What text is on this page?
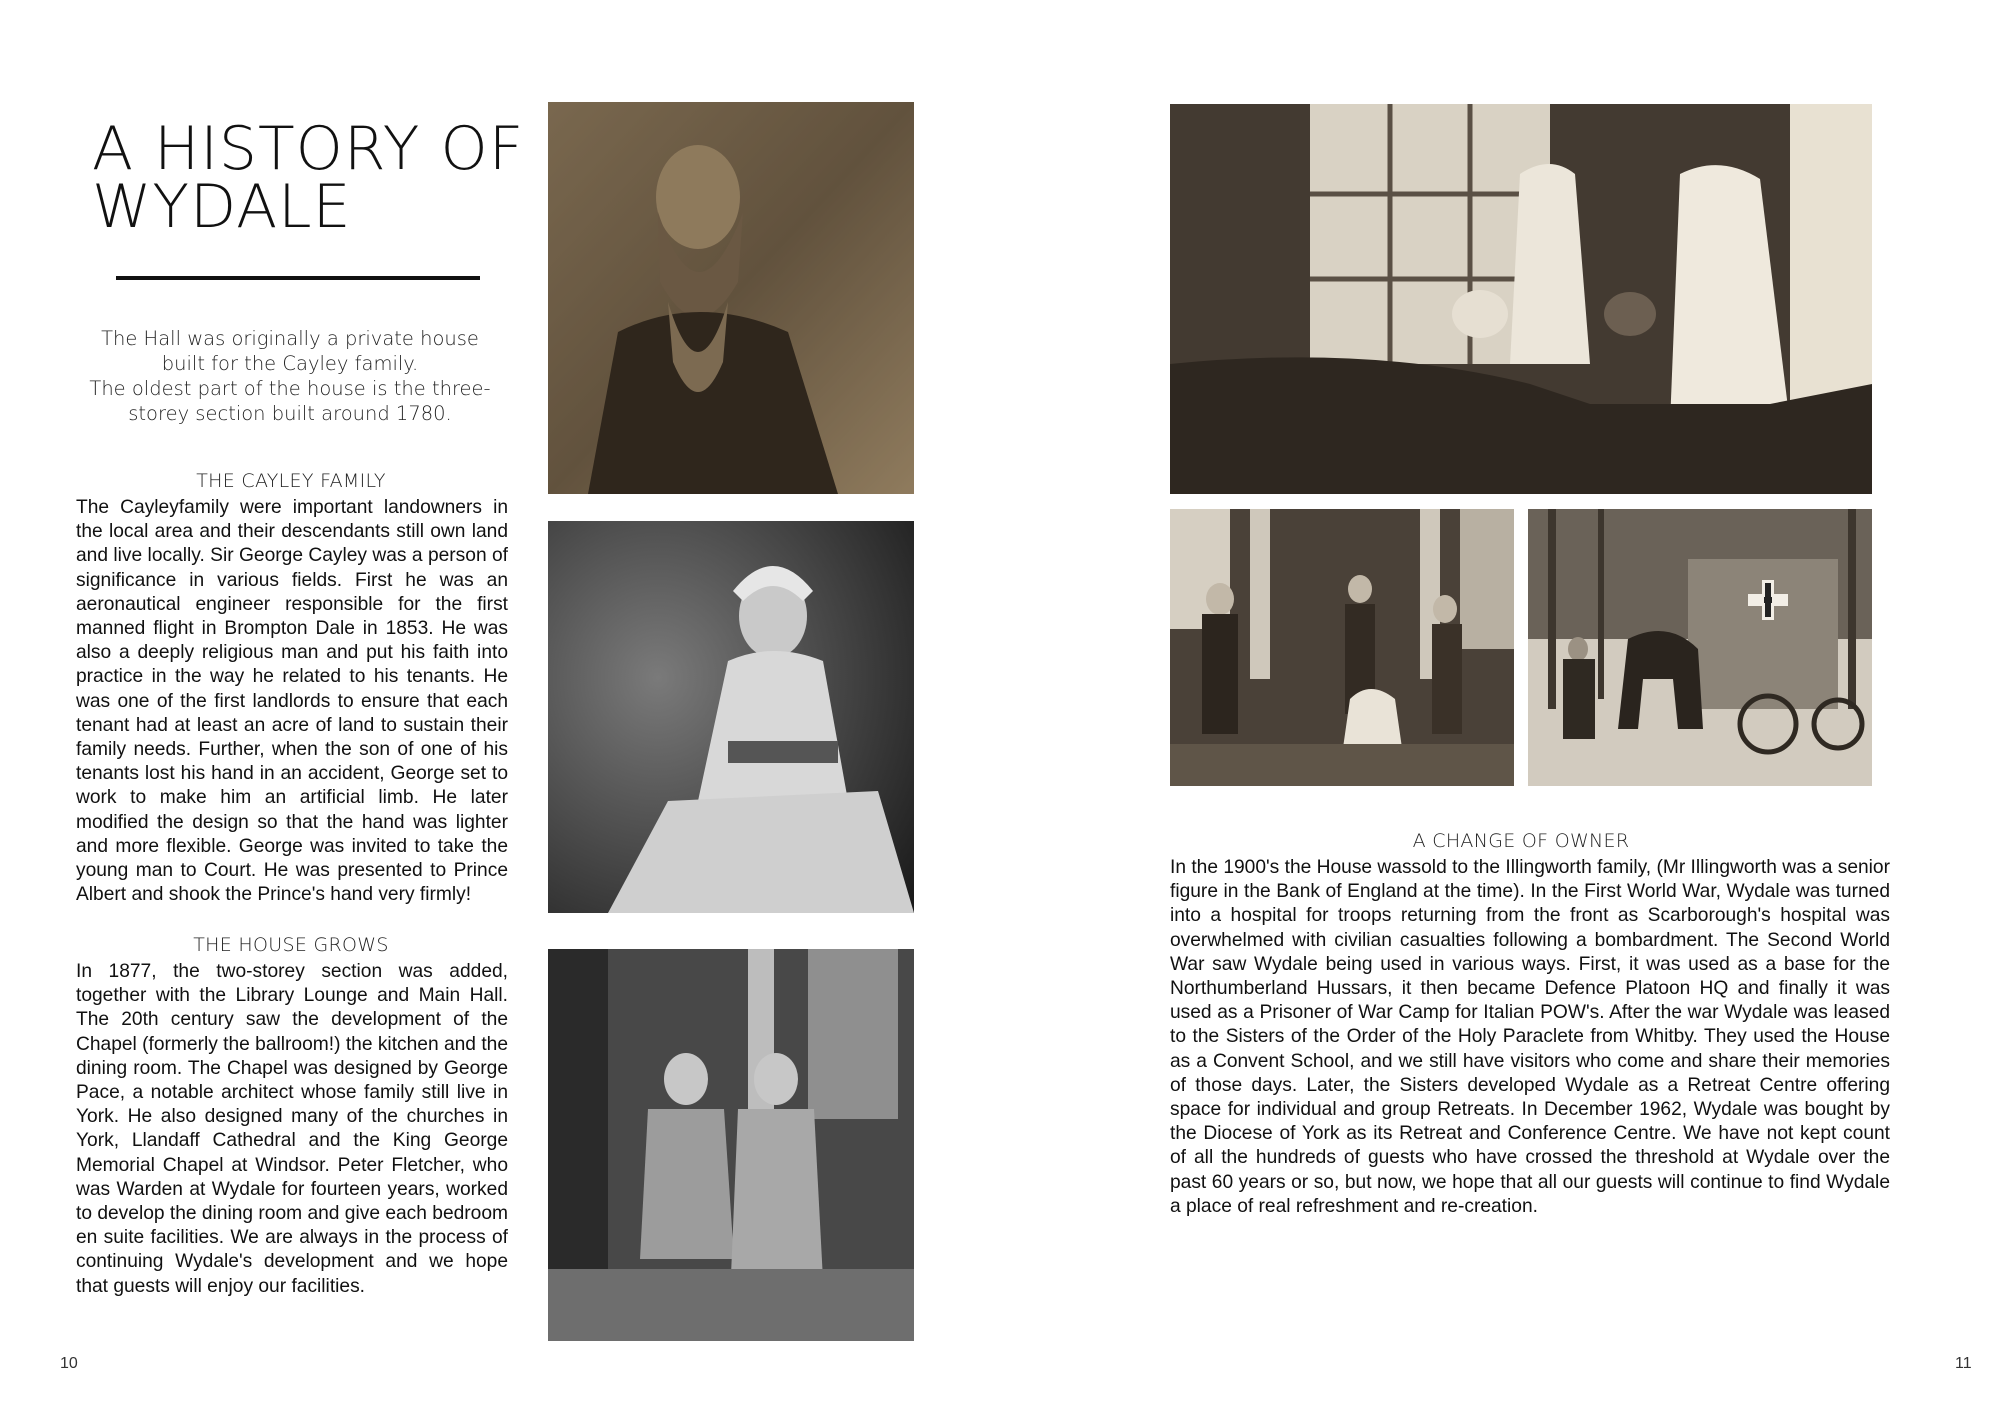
A HISTORY OF
WYDALE
The Hall was originally a private house
built for the Cayley family.
The oldest part of the house is the three-
storey section built around 1780.
THE CAYLEY FAMILY
The Cayleyfamily were important landowners in the local area and their descendants still own land and live locally. Sir George Cayley was a person of significance in various fields. First he was an aeronautical engineer responsible for the first manned flight in Brompton Dale in 1853. He was also a deeply religious man and put his faith into practice in the way he related to his tenants. He was one of the first landlords to ensure that each tenant had at least an acre of land to sustain their family needs. Further, when the son of one of his tenants lost his hand in an accident, George set to work to make him an artificial limb. He later modified the design so that the hand was lighter and more flexible. George was invited to take the young man to Court. He was presented to Prince Albert and shook the Prince's hand very firmly!
THE HOUSE GROWS
In 1877, the two-storey section was added, together with the Library Lounge and Main Hall. The 20th century saw the development of the Chapel (formerly the ballroom!) the kitchen and the dining room. The Chapel was designed by George Pace, a notable architect whose family still live in York. He also designed many of the churches in York, Llandaff Cathedral and the King George Memorial Chapel at Windsor. Peter Fletcher, who was Warden at Wydale for fourteen years, worked to develop the dining room and give each bedroom en suite facilities. We are always in the process of continuing Wydale's development and we hope that guests will enjoy our facilities.
10
A CHANGE OF OWNER
In the 1900's the House wassold to the Illingworth family, (Mr Illingworth was a senior figure in the Bank of England at the time). In the First World War, Wydale was turned into a hospital for troops returning from the front as Scarborough's hospital was overwhelmed with civilian casualties following a bombardment. The Second World War saw Wydale being used in various ways. First, it was used as a base for the Northumberland Hussars, it then became Defence Platoon HQ and finally it was used as a Prisoner of War Camp for Italian POW's. After the war Wydale was leased to the Sisters of the Order of the Holy Paraclete from Whitby. They used the House as a Convent School, and we still have visitors who come and share their memories of those days. Later, the Sisters developed Wydale as a Retreat Centre offering space for individual and group Retreats. In December 1962, Wydale was bought by the Diocese of York as its Retreat and Conference Centre. We have not kept count of all the hundreds of guests who have crossed the threshold at Wydale over the past 60 years or so, but now, we hope that all our guests will continue to find Wydale a place of real refreshment and re-creation.
11
